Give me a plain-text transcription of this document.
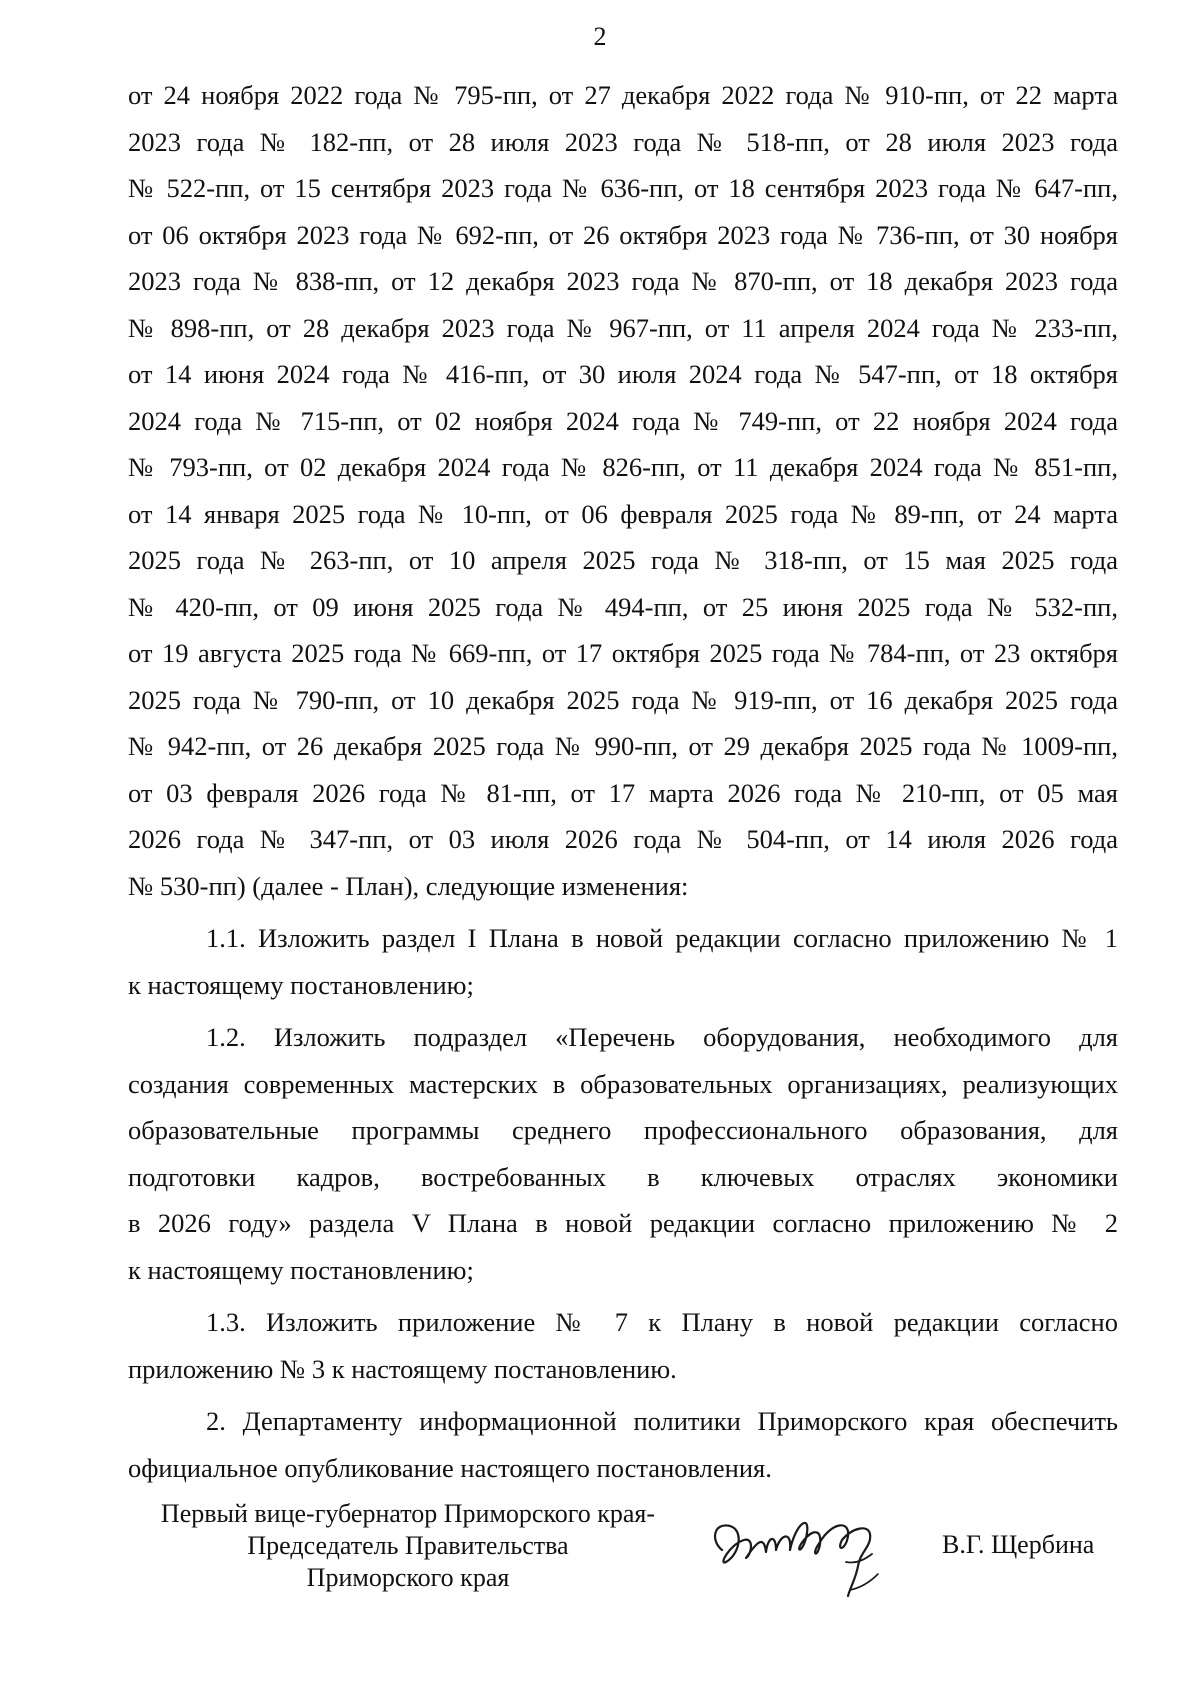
2
от 24 ноября 2022 года № 795-пп, от 27 декабря 2022 года № 910-пп, от 22 марта
2023 года № 182-пп, от 28 июля 2023 года № 518-пп, от 28 июля 2023 года
№ 522-пп, от 15 сентября 2023 года № 636-пп, от 18 сентября 2023 года № 647-пп,
от 06 октября 2023 года № 692-пп, от 26 октября 2023 года № 736-пп, от 30 ноября
2023 года № 838-пп, от 12 декабря 2023 года № 870-пп, от 18 декабря 2023 года
№ 898-пп, от 28 декабря 2023 года № 967-пп, от 11 апреля 2024 года № 233-пп,
от 14 июня 2024 года № 416-пп, от 30 июля 2024 года № 547-пп, от 18 октября
2024 года № 715-пп, от 02 ноября 2024 года № 749-пп, от 22 ноября 2024 года
№ 793-пп, от 02 декабря 2024 года № 826-пп, от 11 декабря 2024 года № 851-пп,
от 14 января 2025 года № 10-пп, от 06 февраля 2025 года № 89-пп, от 24 марта
2025 года № 263-пп, от 10 апреля 2025 года № 318-пп, от 15 мая 2025 года
№ 420-пп, от 09 июня 2025 года № 494-пп, от 25 июня 2025 года № 532-пп,
от 19 августа 2025 года № 669-пп, от 17 октября 2025 года № 784-пп, от 23 октября
2025 года № 790-пп, от 10 декабря 2025 года № 919-пп, от 16 декабря 2025 года
№ 942-пп, от 26 декабря 2025 года № 990-пп, от 29 декабря 2025 года № 1009-пп,
от 03 февраля 2026 года № 81-пп, от 17 марта 2026 года № 210-пп, от 05 мая
2026 года № 347-пп, от 03 июля 2026 года № 504-пп, от 14 июля 2026 года
№ 530-пп) (далее - План), следующие изменения:
1.1. Изложить раздел I Плана в новой редакции согласно приложению № 1
к настоящему постановлению;
1.2. Изложить подраздел «Перечень оборудования, необходимого для
создания современных мастерских в образовательных организациях, реализующих
образовательные программы среднего профессионального образования, для
подготовки кадров, востребованных в ключевых отраслях экономики
в 2026 году» раздела V Плана в новой редакции согласно приложению № 2
к настоящему постановлению;
1.3. Изложить приложение № 7 к Плану в новой редакции согласно
приложению № 3 к настоящему постановлению.
2. Департаменту информационной политики Приморского края обеспечить
официальное опубликование настоящего постановления.
Первый вице-губернатор Приморского края-
Председатель Правительства
Приморского края
В.Г. Щербина
